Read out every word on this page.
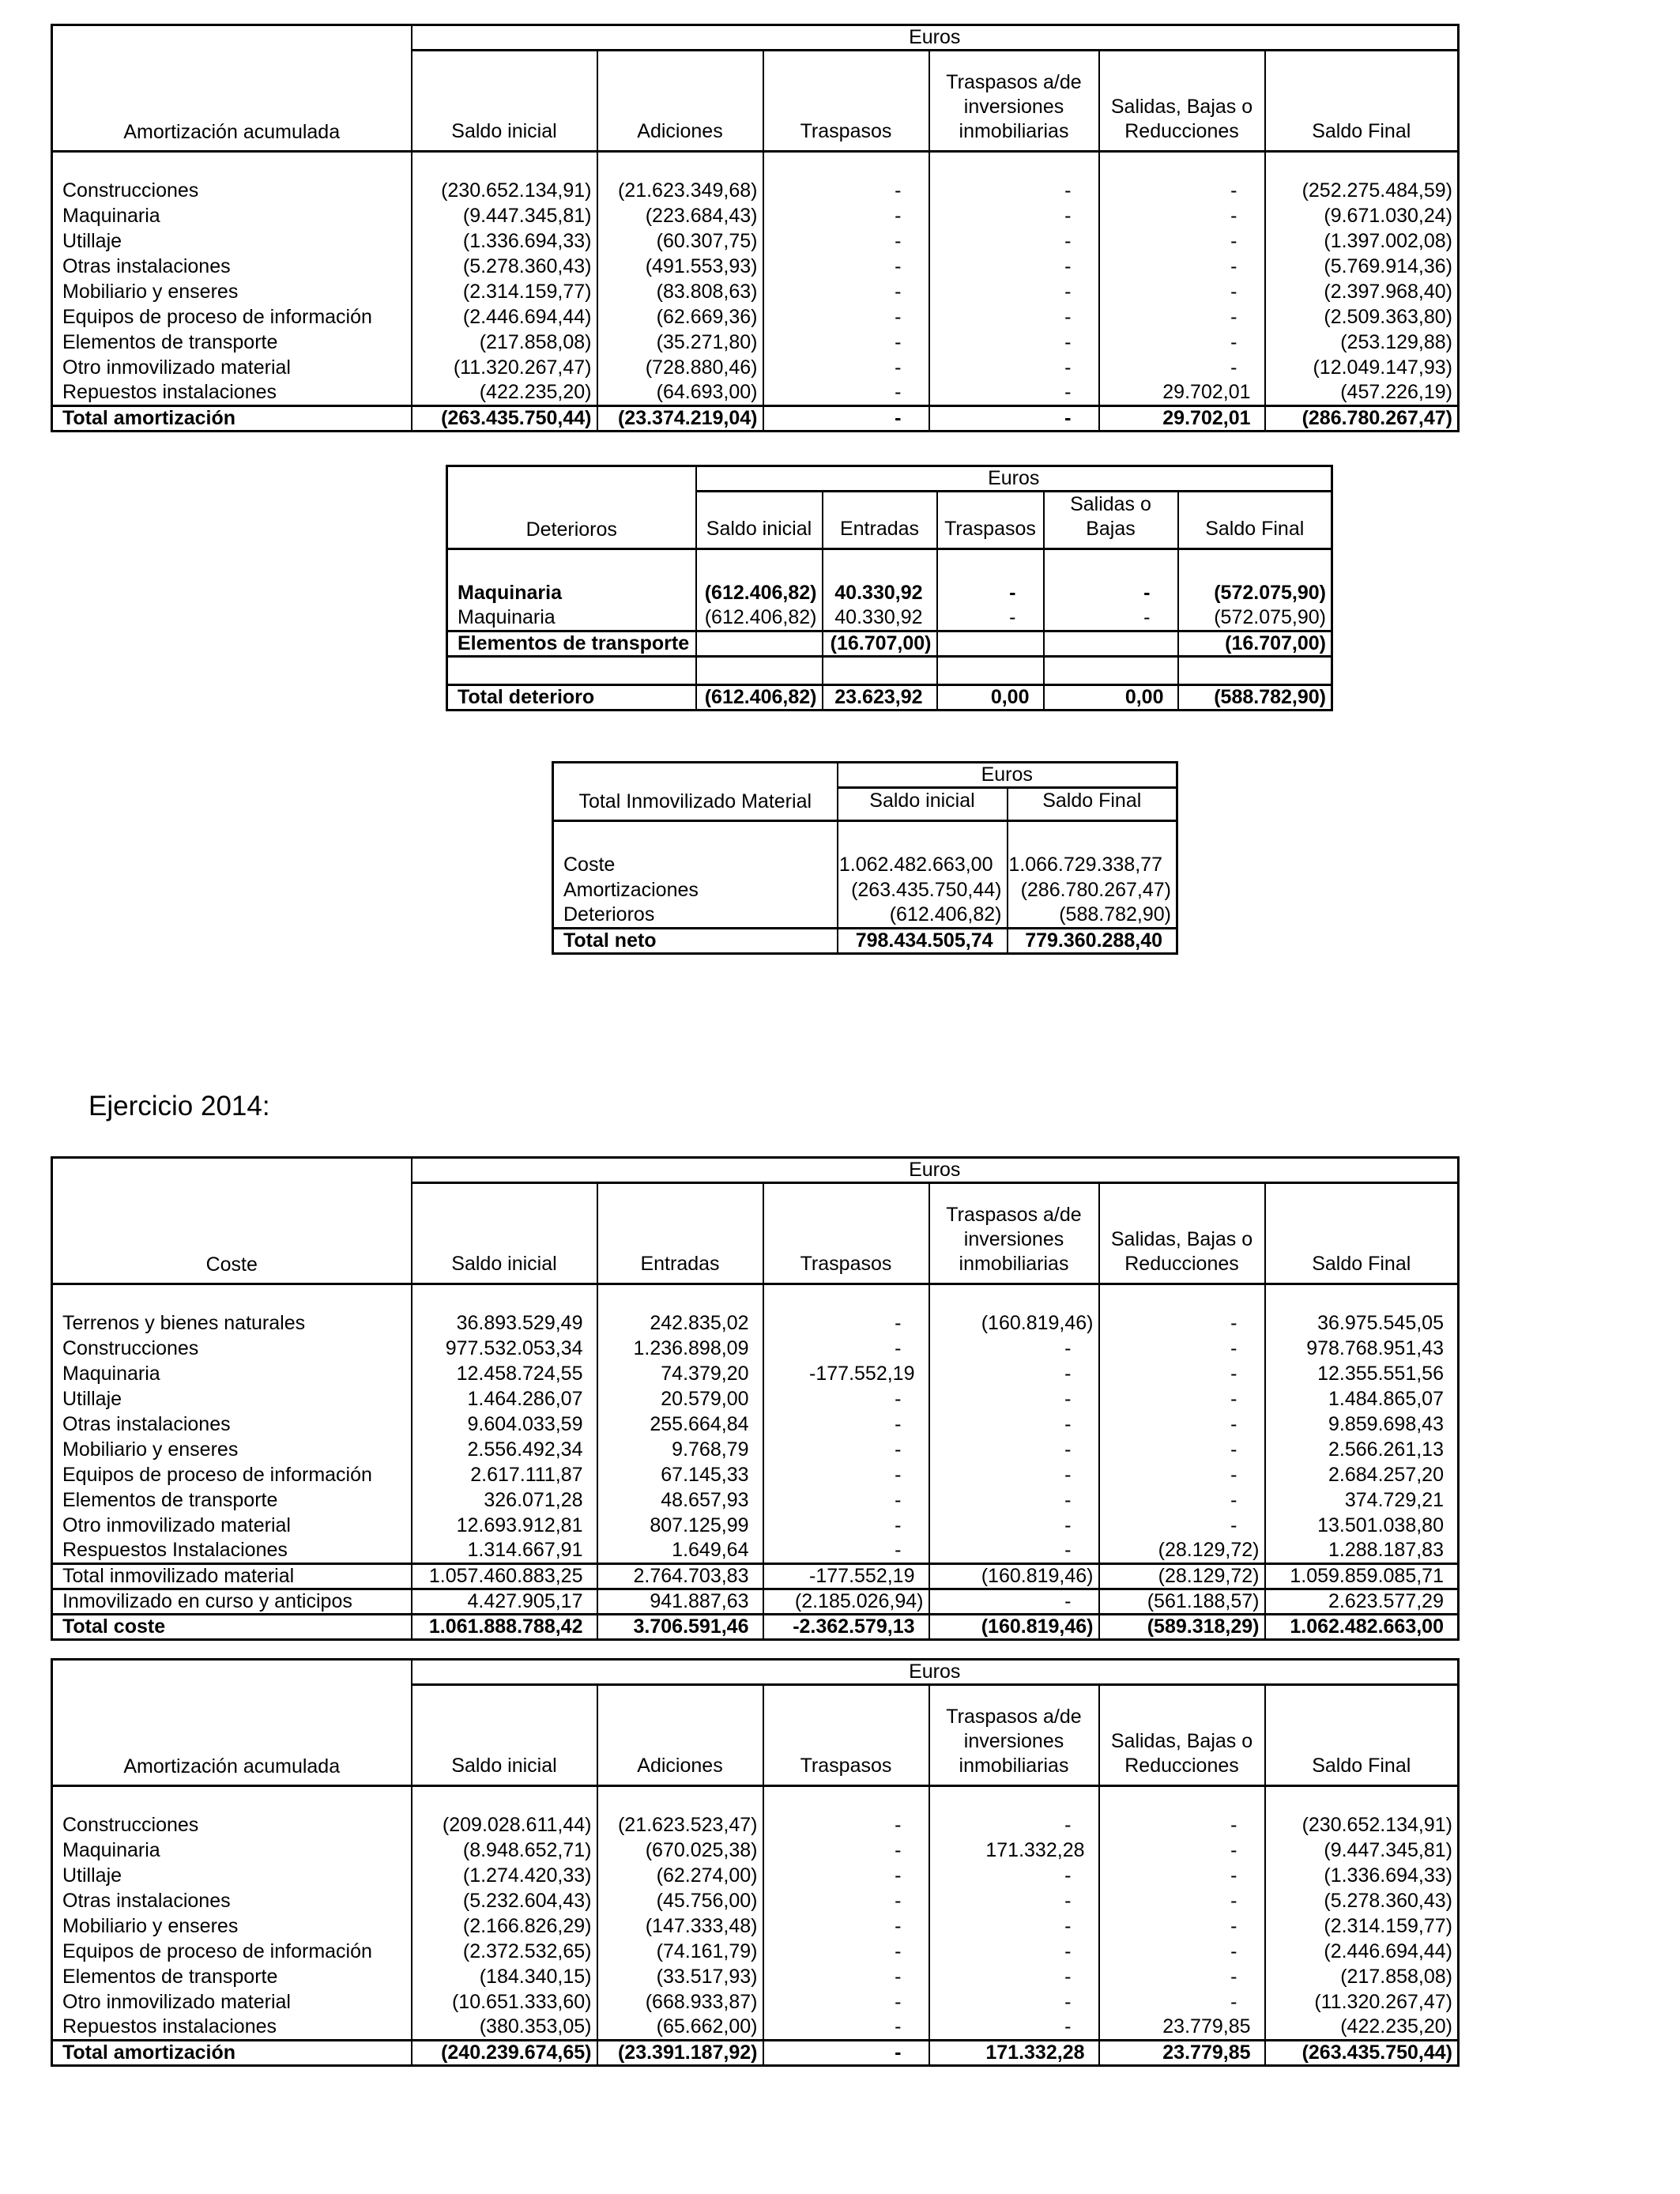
Amortización acumulada	Euros					
	Saldo inicial	Adiciones	Traspasos	Traspasos a/de inversiones inmobiliarias	Salidas, Bajas o Reducciones	Saldo Final

Construcciones	(230.652.134,91)	(21.623.349,68)	-	-	-	(252.275.484,59)
Maquinaria	(9.447.345,81)	(223.684,43)	-	-	-	(9.671.030,24)
Utillaje	(1.336.694,33)	(60.307,75)	-	-	-	(1.397.002,08)
Otras instalaciones	(5.278.360,43)	(491.553,93)	-	-	-	(5.769.914,36)
Mobiliario y enseres	(2.314.159,77)	(83.808,63)	-	-	-	(2.397.968,40)
Equipos de proceso de información	(2.446.694,44)	(62.669,36)	-	-	-	(2.509.363,80)
Elementos de transporte	(217.858,08)	(35.271,80)	-	-	-	(253.129,88)
Otro inmovilizado material	(11.320.267,47)	(728.880,46)	-	-	-	(12.049.147,93)
Repuestos instalaciones	(422.235,20)	(64.693,00)	-	-	29.702,01	(457.226,19)
Total amortización	(263.435.750,44)	(23.374.219,04)	-	-	29.702,01	(286.780.267,47)
Deterioros	Euros				
	Saldo inicial	Entradas	Traspasos	Salidas o Bajas	Saldo Final

Maquinaria	(612.406,82)	40.330,92	-	-	(572.075,90)
Maquinaria	(612.406,82)	40.330,92	-	-	(572.075,90)
Elementos de transporte		(16.707,00)			(16.707,00)

Total deterioro	(612.406,82)	23.623,92	0,00	0,00	(588.782,90)
Total Inmovilizado Material	Euros	
	Saldo inicial	Saldo Final

Coste	1.062.482.663,00	1.066.729.338,77
Amortizaciones	(263.435.750,44)	(286.780.267,47)
Deterioros	(612.406,82)	(588.782,90)
Total neto	798.434.505,74	779.360.288,40
Ejercicio 2014:
Coste	Euros					
	Saldo inicial	Entradas	Traspasos	Traspasos a/de inversiones inmobiliarias	Salidas, Bajas o Reducciones	Saldo Final

Terrenos y bienes naturales	36.893.529,49	242.835,02	-	(160.819,46)	-	36.975.545,05
Construcciones	977.532.053,34	1.236.898,09	-	-	-	978.768.951,43
Maquinaria	12.458.724,55	74.379,20	-177.552,19	-	-	12.355.551,56
Utillaje	1.464.286,07	20.579,00	-	-	-	1.484.865,07
Otras instalaciones	9.604.033,59	255.664,84	-	-	-	9.859.698,43
Mobiliario y enseres	2.556.492,34	9.768,79	-	-	-	2.566.261,13
Equipos de proceso de información	2.617.111,87	67.145,33	-	-	-	2.684.257,20
Elementos de transporte	326.071,28	48.657,93	-	-	-	374.729,21
Otro inmovilizado material	12.693.912,81	807.125,99	-	-	-	13.501.038,80
Respuestos Instalaciones	1.314.667,91	1.649,64	-	-	(28.129,72)	1.288.187,83
Total inmovilizado material	1.057.460.883,25	2.764.703,83	-177.552,19	(160.819,46)	(28.129,72)	1.059.859.085,71
Inmovilizado en curso y anticipos	4.427.905,17	941.887,63	(2.185.026,94)	-	(561.188,57)	2.623.577,29
Total coste	1.061.888.788,42	3.706.591,46	-2.362.579,13	(160.819,46)	(589.318,29)	1.062.482.663,00
Amortización acumulada	Euros					
	Saldo inicial	Adiciones	Traspasos	Traspasos a/de inversiones inmobiliarias	Salidas, Bajas o Reducciones	Saldo Final

Construcciones	(209.028.611,44)	(21.623.523,47)	-	-	-	(230.652.134,91)
Maquinaria	(8.948.652,71)	(670.025,38)	-	171.332,28	-	(9.447.345,81)
Utillaje	(1.274.420,33)	(62.274,00)	-	-	-	(1.336.694,33)
Otras instalaciones	(5.232.604,43)	(45.756,00)	-	-	-	(5.278.360,43)
Mobiliario y enseres	(2.166.826,29)	(147.333,48)	-	-	-	(2.314.159,77)
Equipos de proceso de información	(2.372.532,65)	(74.161,79)	-	-	-	(2.446.694,44)
Elementos de transporte	(184.340,15)	(33.517,93)	-	-	-	(217.858,08)
Otro inmovilizado material	(10.651.333,60)	(668.933,87)	-	-	-	(11.320.267,47)
Repuestos instalaciones	(380.353,05)	(65.662,00)	-	-	23.779,85	(422.235,20)
Total amortización	(240.239.674,65)	(23.391.187,92)	-	171.332,28	23.779,85	(263.435.750,44)
